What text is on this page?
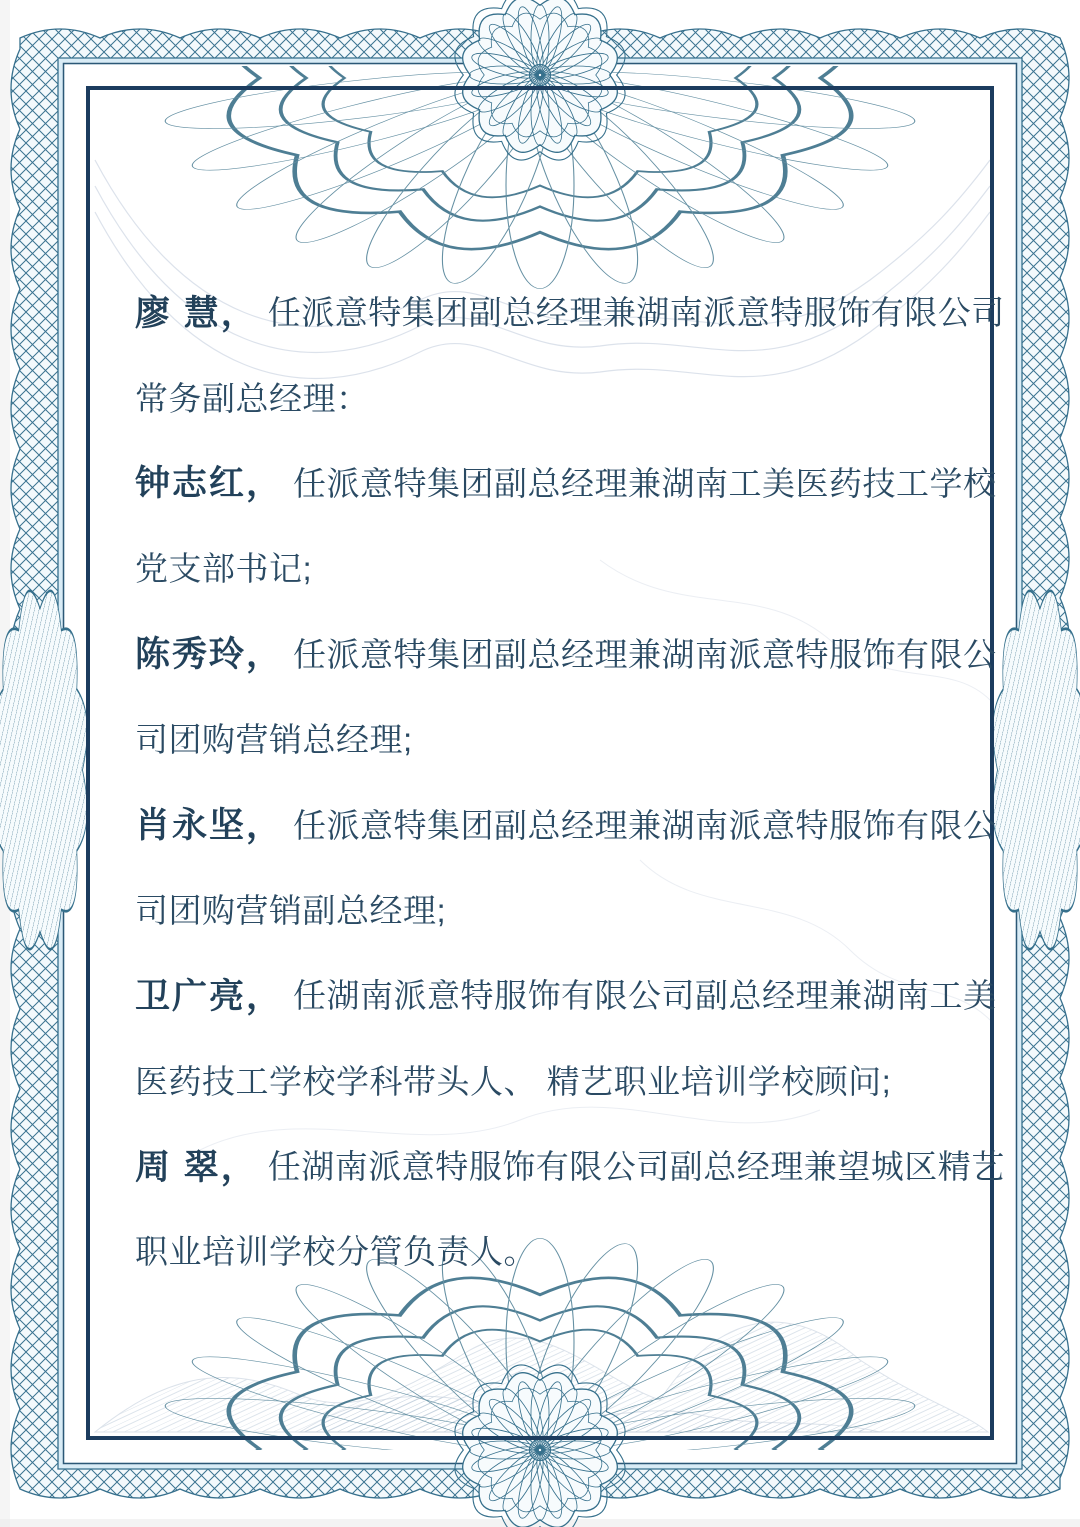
廖 慧， 任派意特集团副总经理兼湖南派意特服饰有限公司
常务副总经理：
钟志红， 任派意特集团副总经理兼湖南工美医药技工学校
党支部书记;
陈秀玲， 任派意特集团副总经理兼湖南派意特服饰有限公
司团购营销总经理;
肖永坚， 任派意特集团副总经理兼湖南派意特服饰有限公
司团购营销副总经理;
卫广亮， 任湖南派意特服饰有限公司副总经理兼湖南工美
医药技工学校学科带头人、 精艺职业培训学校顾问;
周 翠， 任湖南派意特服饰有限公司副总经理兼望城区精艺
职业培训学校分管负责人。
